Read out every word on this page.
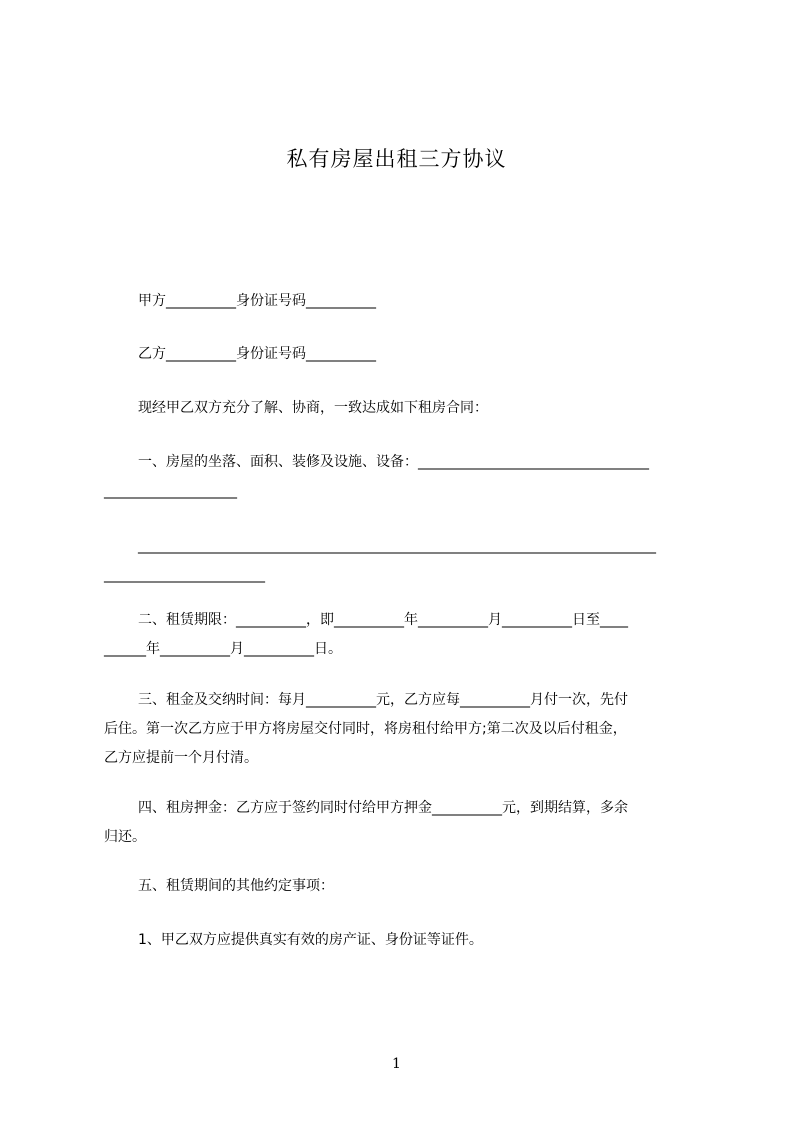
私有房屋出租三方协议
甲方__________身份证号码__________
乙方__________身份证号码__________
现经甲乙双方充分了解、协商，一致达成如下租房合同：
一、房屋的坐落、面积、装修及设施、设备：_________________________________
___________________
__________________________________________________________________________
_______________________
二、租赁期限：__________，即__________年__________月__________日至____
______年__________月__________日。
三、租金及交纳时间：每月__________元，乙方应每__________月付一次，先付
后住。第一次乙方应于甲方将房屋交付同时，将房租付给甲方;第二次及以后付租金，
乙方应提前一个月付清。
四、租房押金：乙方应于签约同时付给甲方押金__________元，到期结算，多余
归还。
五、租赁期间的其他约定事项：
1、甲乙双方应提供真实有效的房产证、身份证等证件。
1
